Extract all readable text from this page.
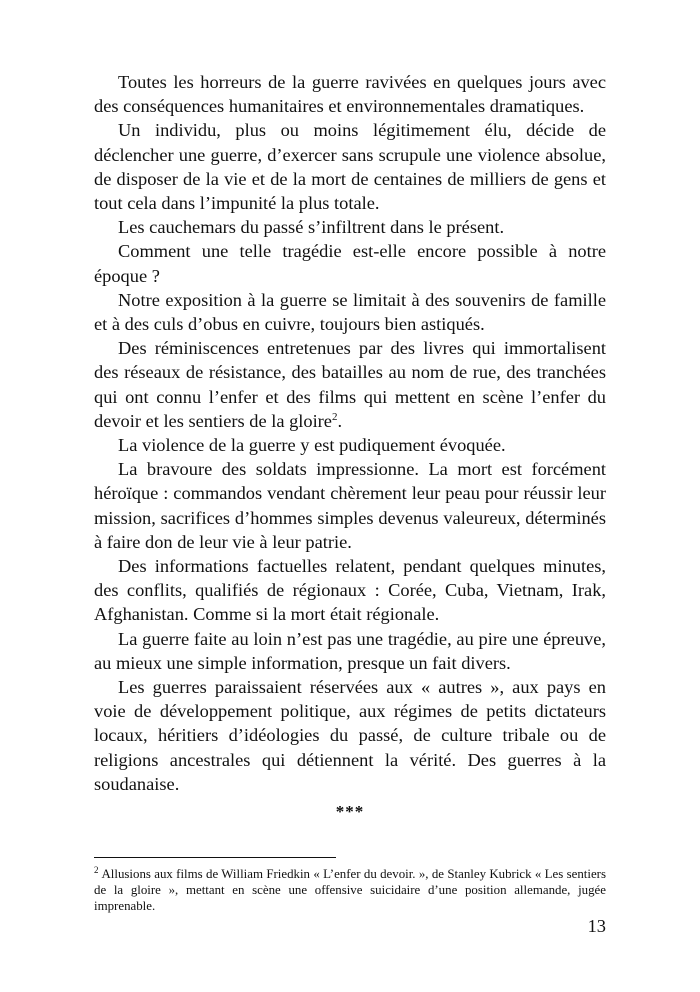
Toutes les horreurs de la guerre ravivées en quelques jours avec des conséquences humanitaires et environnementales dramatiques.

Un individu, plus ou moins légitimement élu, décide de déclencher une guerre, d’exercer sans scrupule une violence absolue, de disposer de la vie et de la mort de centaines de milliers de gens et tout cela dans l’impunité la plus totale.

Les cauchemars du passé s’infiltrent dans le présent.

Comment une telle tragédie est-elle encore possible à notre époque ?

Notre exposition à la guerre se limitait à des souvenirs de famille et à des culs d’obus en cuivre, toujours bien astiqués.

Des réminiscences entretenues par des livres qui immortalisent des réseaux de résistance, des batailles au nom de rue, des tranchées qui ont connu l’enfer et des films qui mettent en scène l’enfer du devoir et les sentiers de la gloire$^2$.

La violence de la guerre y est pudiquement évoquée.

La bravoure des soldats impressionne. La mort est forcément héroïque : commandos vendant chèrement leur peau pour réussir leur mission, sacrifices d’hommes simples devenus valeureux, déterminés à faire don de leur vie à leur patrie.

Des informations factuelles relatent, pendant quelques minutes, des conflits, qualifiés de régionaux : Corée, Cuba, Vietnam, Irak, Afghanistan. Comme si la mort était régionale.

La guerre faite au loin n’est pas une tragédie, au pire une épreuve, au mieux une simple information, presque un fait divers.

Les guerres paraissaient réservées aux « autres », aux pays en voie de développement politique, aux régimes de petits dictateurs locaux, héritiers d’idéologies du passé, de culture tribale ou de religions ancestrales qui détiennent la vérité. Des guerres à la soudanaise.

***

$^2$ Allusions aux films de William Friedkin « L’enfer du devoir. », de Stanley Kubrick « Les sentiers de la gloire », mettant en scène une offensive suicidaire d’une position allemande, jugée imprenable.

13
